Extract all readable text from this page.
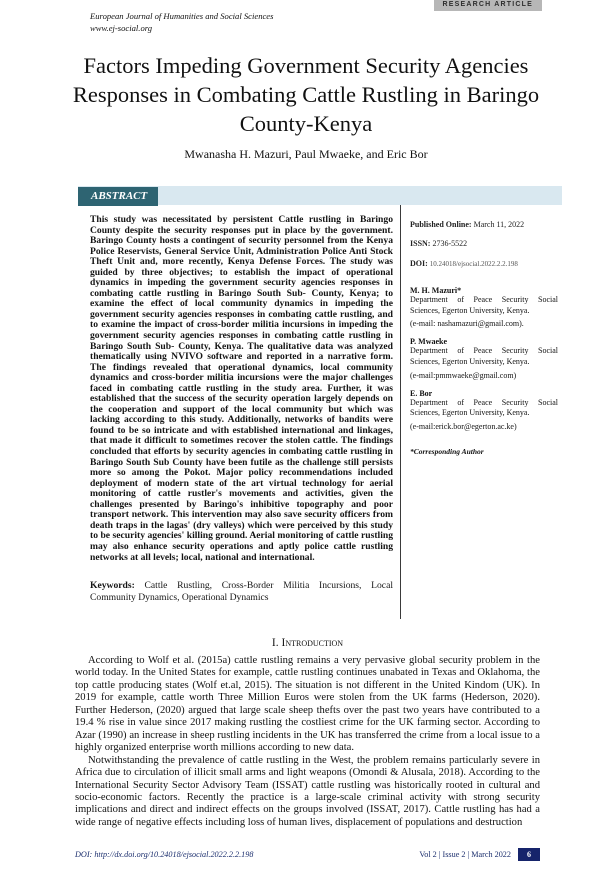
RESEARCH ARTICLE
European Journal of Humanities and Social Sciences
www.ej-social.org
Factors Impeding Government Security Agencies Responses in Combating Cattle Rustling in Baringo County-Kenya
Mwanasha H. Mazuri, Paul Mwaeke, and Eric Bor
ABSTRACT

This study was necessitated by persistent Cattle rustling in Baringo County despite the security responses put in place by the government. Baringo County hosts a contingent of security personnel from the Kenya Police Reservists, General Service Unit, Administration Police Anti Stock Theft Unit and, more recently, Kenya Defense Forces. The study was guided by three objectives; to establish the impact of operational dynamics in impeding the government security agencies responses in combating cattle rustling in Baringo South Sub- County, Kenya; to examine the effect of local community dynamics in impeding the government security agencies responses in combating cattle rustling, and to examine the impact of cross-border militia incursions in impeding the government security agencies responses in combating cattle rustling in Baringo South Sub- County, Kenya. The qualitative data was analyzed thematically using NVIVO software and reported in a narrative form. The findings revealed that operational dynamics, local community dynamics and cross-border militia incursions were the major challenges faced in combating cattle rustling in the study area. Further, it was established that the success of the security operation largely depends on the cooperation and support of the local community but which was lacking according to this study. Additionally, networks of bandits were found to be so intricate and with established international and linkages, that made it difficult to sometimes recover the stolen cattle. The findings concluded that efforts by security agencies in combating cattle rustling in Baringo South Sub County have been futile as the challenge still persists more so among the Pokot. Major policy recommendations included deployment of modern state of the art virtual technology for aerial monitoring of cattle rustler's movements and activities, given the challenges presented by Baringo's inhibitive topography and poor transport network. This intervention may also save security officers from death traps in the lagas' (dry valleys) which were perceived by this study to be security agencies' killing ground. Aerial monitoring of cattle rustling may also enhance security operations and aptly police cattle rustling networks at all levels; local, national and international.

Keywords: Cattle Rustling, Cross-Border Militia Incursions, Local Community Dynamics, Operational Dynamics

Published Online: March 11, 2022

ISSN: 2736-5522

DOI: 10.24018/ejsocial.2022.2.2.198

M. H. Mazuri*
Department of Peace Security Social Sciences, Egerton University, Kenya.
(e-mail: nashamazuri@gmail.com).
P. Mwaeke
Department of Peace Security Social Sciences, Egerton University, Kenya.
(e-mail:pmmwaeke@gmail.com)
E. Bor
Department of Peace Security Social Sciences, Egerton University, Kenya.
(e-mail:erick.bor@egerton.ac.ke)
*Corresponding Author
I. Introduction

According to Wolf et al. (2015a) cattle rustling remains a very pervasive global security problem in the world today. In the United States for example, cattle rustling continues unabated in Texas and Oklahoma, the top cattle producing states (Wolf et.al, 2015). The situation is not different in the United Kindom (UK). In 2019 for example, cattle worth Three Million Euros were stolen from the UK farms (Hederson, 2020). Further Hederson, (2020) argued that large scale sheep thefts over the past two years have contributed to a 19.4 % rise in value since 2017 making rustling the costliest crime for the UK farming sector. According to Azar (1990) an increase in sheep rustling incidents in the UK has transferred the crime from a local issue to a highly organized enterprise worth millions according to new data.

Notwithstanding the prevalence of cattle rustling in the West, the problem remains particularly severe in Africa due to circulation of illicit small arms and light weapons (Omondi & Alusala, 2018). According to the International Security Sector Advisory Team (ISSAT) cattle rustling was historically rooted in cultural and socio-economic factors. Recently the practice is a large-scale criminal activity with strong security implications and direct and indirect effects on the groups involved (ISSAT, 2017). Cattle rustling has had a wide range of negative effects including loss of human lives, displacement of populations and destruction

DOI: http://dx.doi.org/10.24018/ejsocial.2022.2.2.198	Vol 2 | Issue 2 | March 2022	6
